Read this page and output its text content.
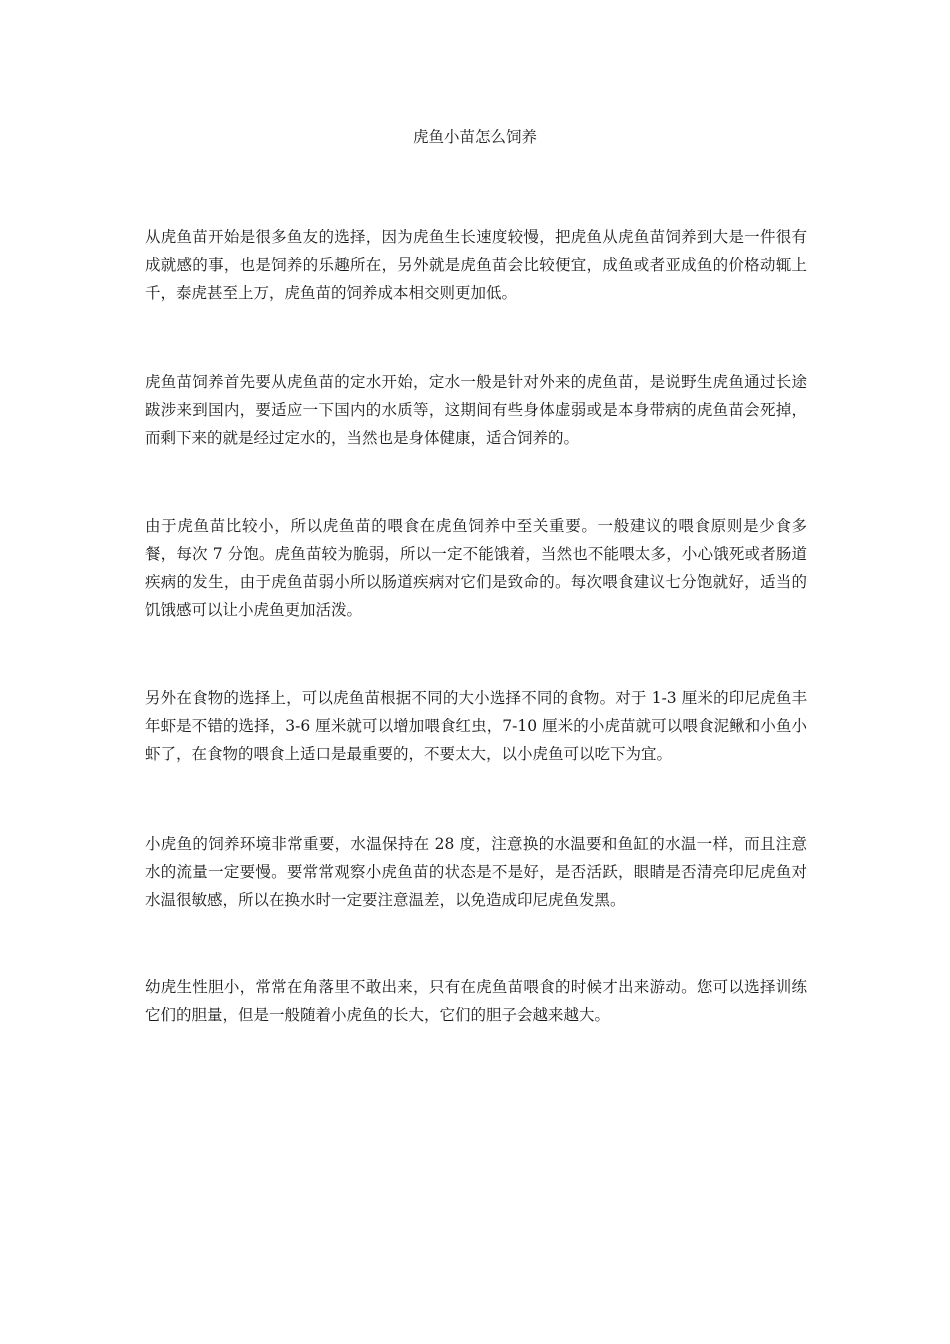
虎鱼小苗怎么饲养

从虎鱼苗开始是很多鱼友的选择，因为虎鱼生长速度较慢，把虎鱼从虎鱼苗饲养到大是一件很有成就感的事，也是饲养的乐趣所在，另外就是虎鱼苗会比较便宜，成鱼或者亚成鱼的价格动辄上千，泰虎甚至上万，虎鱼苗的饲养成本相交则更加低。

虎鱼苗饲养首先要从虎鱼苗的定水开始，定水一般是针对外来的虎鱼苗，是说野生虎鱼通过长途跋涉来到国内，要适应一下国内的水质等，这期间有些身体虚弱或是本身带病的虎鱼苗会死掉，而剩下来的就是经过定水的，当然也是身体健康，适合饲养的。

由于虎鱼苗比较小，所以虎鱼苗的喂食在虎鱼饲养中至关重要。一般建议的喂食原则是少食多餐，每次 7 分饱。虎鱼苗较为脆弱，所以一定不能饿着，当然也不能喂太多，小心饿死或者肠道疾病的发生，由于虎鱼苗弱小所以肠道疾病对它们是致命的。每次喂食建议七分饱就好，适当的饥饿感可以让小虎鱼更加活泼。

另外在食物的选择上，可以虎鱼苗根据不同的大小选择不同的食物。对于 1-3 厘米的印尼虎鱼丰年虾是不错的选择，3-6 厘米就可以增加喂食红虫，7-10 厘米的小虎苗就可以喂食泥鳅和小鱼小虾了，在食物的喂食上适口是最重要的，不要太大，以小虎鱼可以吃下为宜。

小虎鱼的饲养环境非常重要，水温保持在 28 度，注意换的水温要和鱼缸的水温一样，而且注意水的流量一定要慢。要常常观察小虎鱼苗的状态是不是好，是否活跃，眼睛是否清亮印尼虎鱼对水温很敏感，所以在换水时一定要注意温差，以免造成印尼虎鱼发黑。

幼虎生性胆小，常常在角落里不敢出来，只有在虎鱼苗喂食的时候才出来游动。您可以选择训练它们的胆量，但是一般随着小虎鱼的长大，它们的胆子会越来越大。
